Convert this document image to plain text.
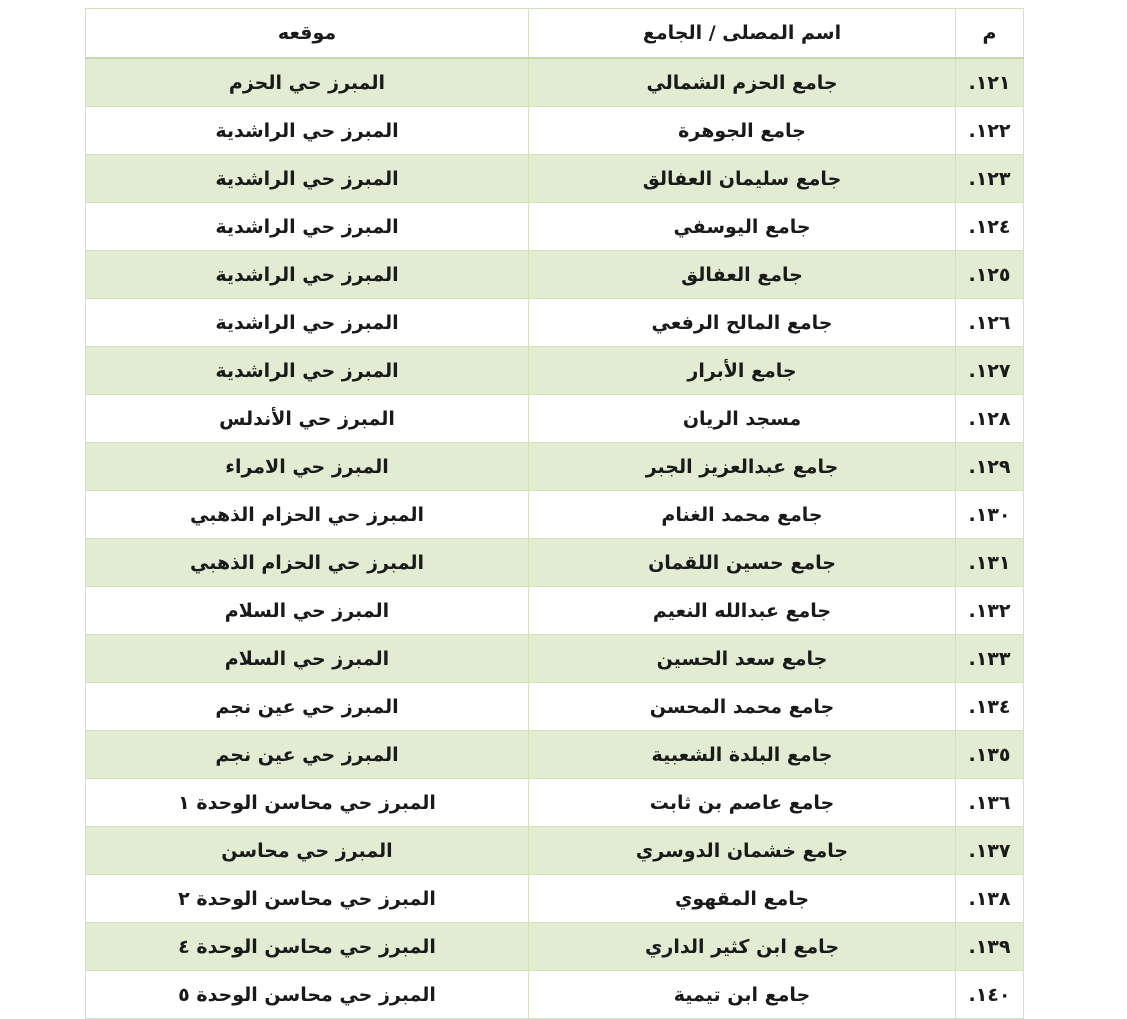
م	اسم المصلى / الجامع	موقعه
١٢١.	جامع الحزم الشمالي	المبرز حي الحزم
١٢٢.	جامع الجوهرة	المبرز حي الراشدية
١٢٣.	جامع سليمان العفالق	المبرز حي الراشدية
١٢٤.	جامع اليوسفي	المبرز حي الراشدية
١٢٥.	جامع العفالق	المبرز حي الراشدية
١٢٦.	جامع المالح الرفعي	المبرز حي الراشدية
١٢٧.	جامع الأبرار	المبرز حي الراشدية
١٢٨.	مسجد الريان	المبرز حي الأندلس
١٢٩.	جامع عبدالعزيز الجبر	المبرز حي الامراء
١٣٠.	جامع محمد الغنام	المبرز حي الحزام الذهبي
١٣١.	جامع حسين اللقمان	المبرز حي الحزام الذهبي
١٣٢.	جامع عبدالله النعيم	المبرز حي السلام
١٣٣.	جامع سعد الحسين	المبرز حي السلام
١٣٤.	جامع محمد المحسن	المبرز حي عين نجم
١٣٥.	جامع البلدة الشعبية	المبرز حي عين نجم
١٣٦.	جامع عاصم بن ثابت	المبرز حي محاسن الوحدة ١
١٣٧.	جامع خشمان الدوسري	المبرز حي محاسن
١٣٨.	جامع المقهوي	المبرز حي محاسن الوحدة ٢
١٣٩.	جامع ابن كثير الداري	المبرز حي محاسن الوحدة ٤
١٤٠.	جامع ابن تيمية	المبرز حي محاسن الوحدة ٥
